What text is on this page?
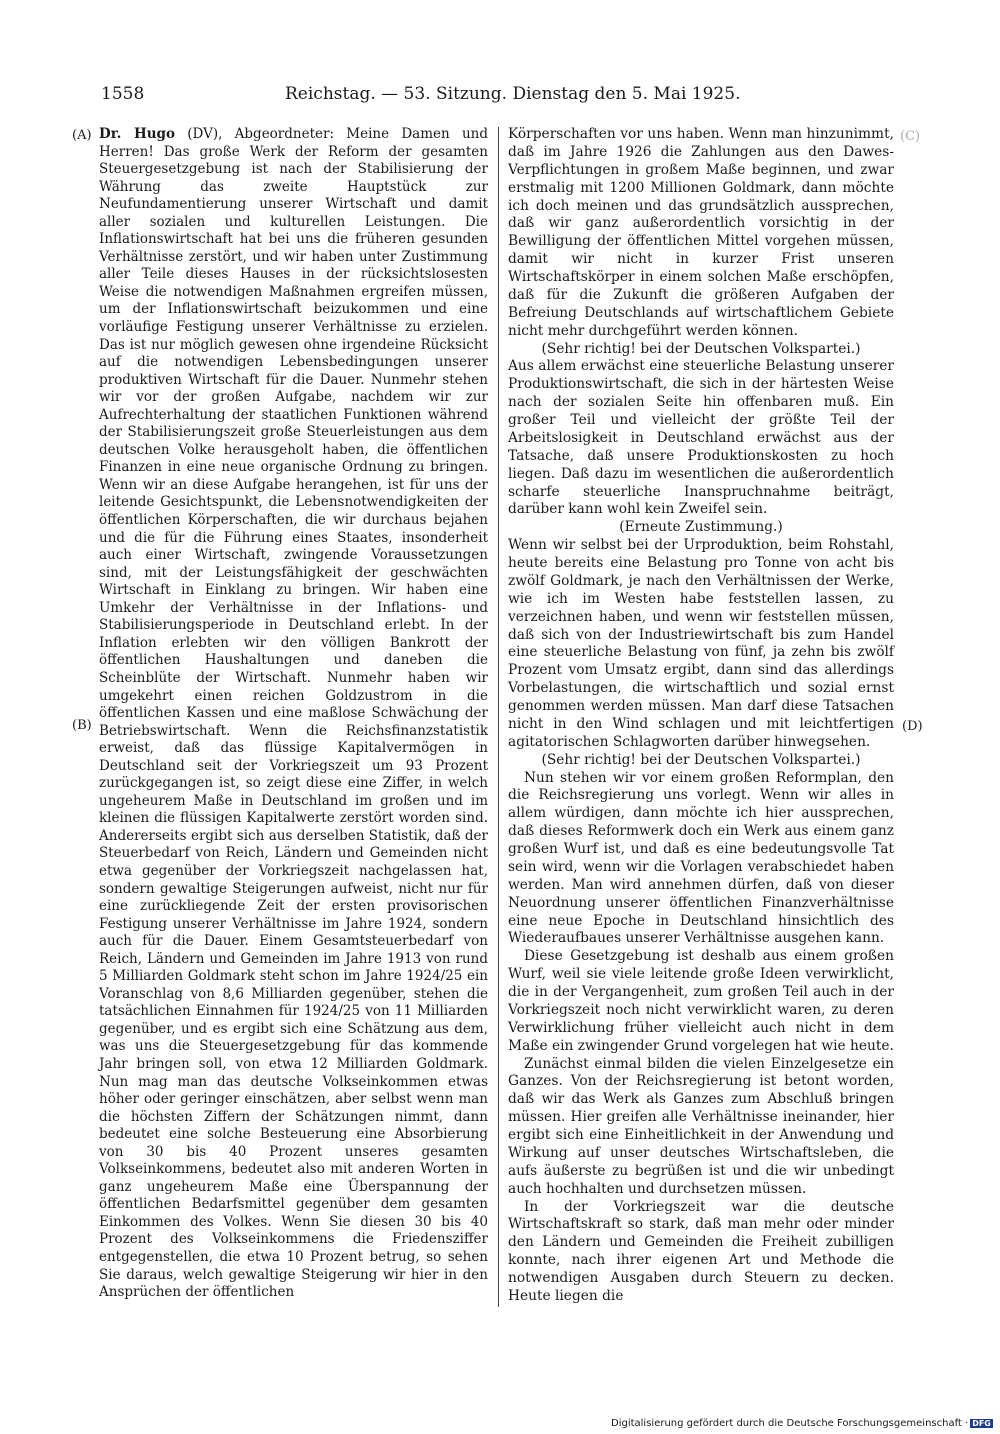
1558	Reichstag. — 53. Sitzung. Dienstag den 5. Mai 1925.
(A)
(B)
(C)
(D)

Dr. Hugo (DV), Abgeordneter: Meine Damen und Herren! Das große Werk der Reform der gesamten Steuergesetzgebung ist nach der Stabilisierung der Währung das zweite Hauptstück zur Neufundamentierung unserer Wirtschaft und damit aller sozialen und kulturellen Leistungen. Die Inflationswirtschaft hat bei uns die früheren gesunden Verhältnisse zerstört, und wir haben unter Zustimmung aller Teile dieses Hauses in der rücksichtslosesten Weise die notwendigen Maßnahmen ergreifen müssen, um der Inflationswirtschaft beizukommen und eine vorläufige Festigung unserer Verhältnisse zu erzielen. Das ist nur möglich gewesen ohne irgendeine Rücksicht auf die notwendigen Lebensbedingungen unserer produktiven Wirtschaft für die Dauer. Nunmehr stehen wir vor der großen Aufgabe, nachdem wir zur Aufrechterhaltung der staatlichen Funktionen während der Stabilisierungszeit große Steuerleistungen aus dem deutschen Volke herausgeholt haben, die öffentlichen Finanzen in eine neue organische Ordnung zu bringen. Wenn wir an diese Aufgabe herangehen, ist für uns der leitende Gesichtspunkt, die Lebensnotwendigkeiten der öffentlichen Körperschaften, die wir durchaus bejahen und die für die Führung eines Staates, insonderheit auch einer Wirtschaft, zwingende Voraussetzungen sind, mit der Leistungsfähigkeit der geschwächten Wirtschaft in Einklang zu bringen. Wir haben eine Umkehr der Verhältnisse in der Inflations- und Stabilisierungsperiode in Deutschland erlebt. In der Inflation erlebten wir den völligen Bankrott der öffentlichen Haushaltungen und daneben die Scheinblüte der Wirtschaft. Nunmehr haben wir umgekehrt einen reichen Goldzustrom in die öffentlichen Kassen und eine maßlose Schwächung der Betriebswirtschaft. Wenn die Reichsfinanzstatistik erweist, daß das flüssige Kapitalvermögen in Deutschland seit der Vorkriegszeit um 93 Prozent zurückgegangen ist, so zeigt diese eine Ziffer, in welch ungeheurem Maße in Deutschland im großen und im kleinen die flüssigen Kapitalwerte zerstört worden sind. Andererseits ergibt sich aus derselben Statistik, daß der Steuerbedarf von Reich, Ländern und Gemeinden nicht etwa gegenüber der Vorkriegszeit nachgelassen hat, sondern gewaltige Steigerungen aufweist, nicht nur für eine zurückliegende Zeit der ersten provisorischen Festigung unserer Verhältnisse im Jahre 1924, sondern auch für die Dauer. Einem Gesamtsteuerbedarf von Reich, Ländern und Gemeinden im Jahre 1913 von rund 5 Milliarden Goldmark steht schon im Jahre 1924/25 ein Voranschlag von 8,6 Milliarden gegenüber, stehen die tatsächlichen Einnahmen für 1924/25 von 11 Milliarden gegenüber, und es ergibt sich eine Schätzung aus dem, was uns die Steuergesetzgebung für das kommende Jahr bringen soll, von etwa 12 Milliarden Goldmark. Nun mag man das deutsche Volkseinkommen etwas höher oder geringer einschätzen, aber selbst wenn man die höchsten Ziffern der Schätzungen nimmt, dann bedeutet eine solche Besteuerung eine Absorbierung von 30 bis 40 Prozent unseres gesamten Volkseinkommens, bedeutet also mit anderen Worten in ganz ungeheurem Maße eine Überspannung der öffentlichen Bedarfsmittel gegenüber dem gesamten Einkommen des Volkes. Wenn Sie diesen 30 bis 40 Prozent des Volkseinkommens die Friedensziffer entgegenstellen, die etwa 10 Prozent betrug, so sehen Sie daraus, welch gewaltige Steigerung wir hier in den Ansprüchen der öffentlichen

Körperschaften vor uns haben. Wenn man hinzunimmt, daß im Jahre 1926 die Zahlungen aus den Dawes-Verpflichtungen in großem Maße beginnen, und zwar erstmalig mit 1200 Millionen Goldmark, dann möchte ich doch meinen und das grundsätzlich aussprechen, daß wir ganz außerordentlich vorsichtig in der Bewilligung der öffentlichen Mittel vorgehen müssen, damit wir nicht in kurzer Frist unseren Wirtschaftskörper in einem solchen Maße erschöpfen, daß für die Zukunft die größeren Aufgaben der Befreiung Deutschlands auf wirtschaftlichem Gebiete nicht mehr durchgeführt werden können.

(Sehr richtig! bei der Deutschen Volkspartei.)

Aus allem erwächst eine steuerliche Belastung unserer Produktionswirtschaft, die sich in der härtesten Weise nach der sozialen Seite hin offenbaren muß. Ein großer Teil und vielleicht der größte Teil der Arbeitslosigkeit in Deutschland erwächst aus der Tatsache, daß unsere Produktionskosten zu hoch liegen. Daß dazu im wesentlichen die außerordentlich scharfe steuerliche Inanspruchnahme beiträgt, darüber kann wohl kein Zweifel sein.

(Erneute Zustimmung.)

Wenn wir selbst bei der Urproduktion, beim Rohstahl, heute bereits eine Belastung pro Tonne von acht bis zwölf Goldmark, je nach den Verhältnissen der Werke, wie ich im Westen habe feststellen lassen, zu verzeichnen haben, und wenn wir feststellen müssen, daß sich von der Industriewirtschaft bis zum Handel eine steuerliche Belastung von fünf, ja zehn bis zwölf Prozent vom Umsatz ergibt, dann sind das allerdings Vorbelastungen, die wirtschaftlich und sozial ernst genommen werden müssen. Man darf diese Tatsachen nicht in den Wind schlagen und mit leichtfertigen agitatorischen Schlagworten darüber hinwegsehen.

(Sehr richtig! bei der Deutschen Volkspartei.)

Nun stehen wir vor einem großen Reformplan, den die Reichsregierung uns vorlegt. Wenn wir alles in allem würdigen, dann möchte ich hier aussprechen, daß dieses Reformwerk doch ein Werk aus einem ganz großen Wurf ist, und daß es eine bedeutungsvolle Tat sein wird, wenn wir die Vorlagen verabschiedet haben werden. Man wird annehmen dürfen, daß von dieser Neuordnung unserer öffentlichen Finanzverhältnisse eine neue Epoche in Deutschland hinsichtlich des Wiederaufbaues unserer Verhältnisse ausgehen kann.

Diese Gesetzgebung ist deshalb aus einem großen Wurf, weil sie viele leitende große Ideen verwirklicht, die in der Vergangenheit, zum großen Teil auch in der Vorkriegszeit noch nicht verwirklicht waren, zu deren Verwirklichung früher vielleicht auch nicht in dem Maße ein zwingender Grund vorgelegen hat wie heute.

Zunächst einmal bilden die vielen Einzelgesetze ein Ganzes. Von der Reichsregierung ist betont worden, daß wir das Werk als Ganzes zum Abschluß bringen müssen. Hier greifen alle Verhältnisse ineinander, hier ergibt sich eine Einheitlichkeit in der Anwendung und Wirkung auf unser deutsches Wirtschaftsleben, die aufs äußerste zu begrüßen ist und die wir unbedingt auch hochhalten und durchsetzen müssen.

In der Vorkriegszeit war die deutsche Wirtschaftskraft so stark, daß man mehr oder minder den Ländern und Gemeinden die Freiheit zubilligen konnte, nach ihrer eigenen Art und Methode die notwendigen Ausgaben durch Steuern zu decken. Heute liegen die

Digitalisierung gefördert durch die Deutsche Forschungsgemeinschaft · DFG
